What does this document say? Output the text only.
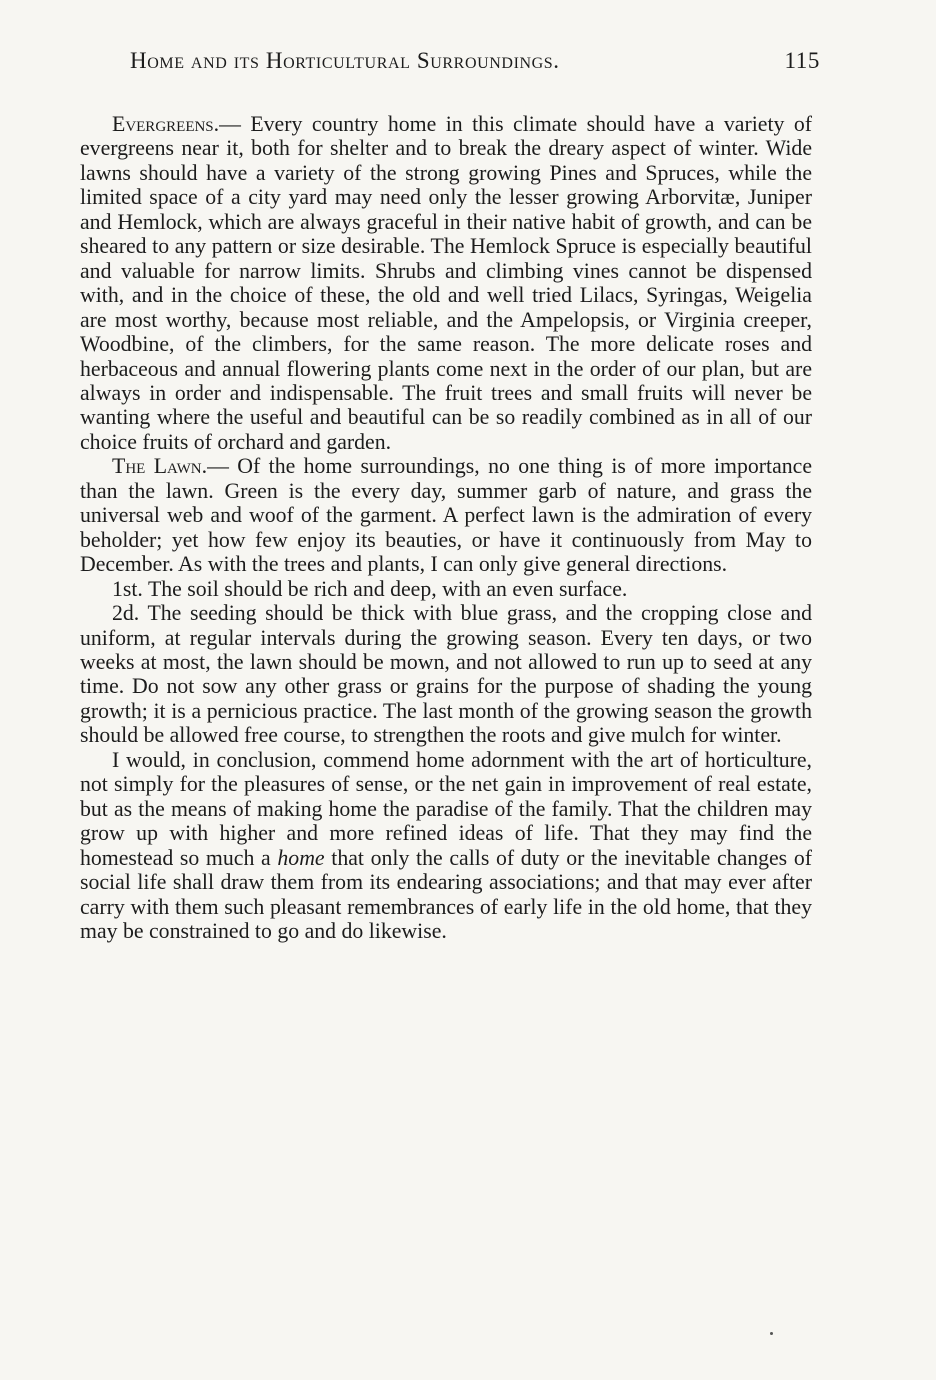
Home and its Horticultural Surroundings.	115

Evergreens.— Every country home in this climate should have a variety of evergreens near it, both for shelter and to break the dreary aspect of winter. Wide lawns should have a variety of the strong growing Pines and Spruces, while the limited space of a city yard may need only the lesser growing Arborvitæ, Juniper and Hemlock, which are always graceful in their native habit of growth, and can be sheared to any pattern or size desirable. The Hemlock Spruce is especially beautiful and valuable for narrow limits. Shrubs and climbing vines cannot be dispensed with, and in the choice of these, the old and well tried Lilacs, Syringas, Weigelia are most worthy, because most reliable, and the Ampelopsis, or Virginia creeper, Woodbine, of the climbers, for the same reason. The more delicate roses and herbaceous and annual flowering plants come next in the order of our plan, but are always in order and indispensable. The fruit trees and small fruits will never be wanting where the useful and beautiful can be so readily combined as in all of our choice fruits of orchard and garden.

The Lawn.— Of the home surroundings, no one thing is of more importance than the lawn. Green is the every day, summer garb of nature, and grass the universal web and woof of the garment. A perfect lawn is the admiration of every beholder; yet how few enjoy its beauties, or have it continuously from May to December. As with the trees and plants, I can only give general directions.

1st. The soil should be rich and deep, with an even surface.

2d. The seeding should be thick with blue grass, and the cropping close and uniform, at regular intervals during the growing season. Every ten days, or two weeks at most, the lawn should be mown, and not allowed to run up to seed at any time. Do not sow any other grass or grains for the purpose of shading the young growth; it is a pernicious practice. The last month of the growing season the growth should be allowed free course, to strengthen the roots and give mulch for winter.

I would, in conclusion, commend home adornment with the art of horticulture, not simply for the pleasures of sense, or the net gain in improvement of real estate, but as the means of making home the paradise of the family. That the children may grow up with higher and more refined ideas of life. That they may find the homestead so much a home that only the calls of duty or the inevitable changes of social life shall draw them from its endearing associations; and that may ever after carry with them such pleasant remembrances of early life in the old home, that they may be constrained to go and do likewise.
